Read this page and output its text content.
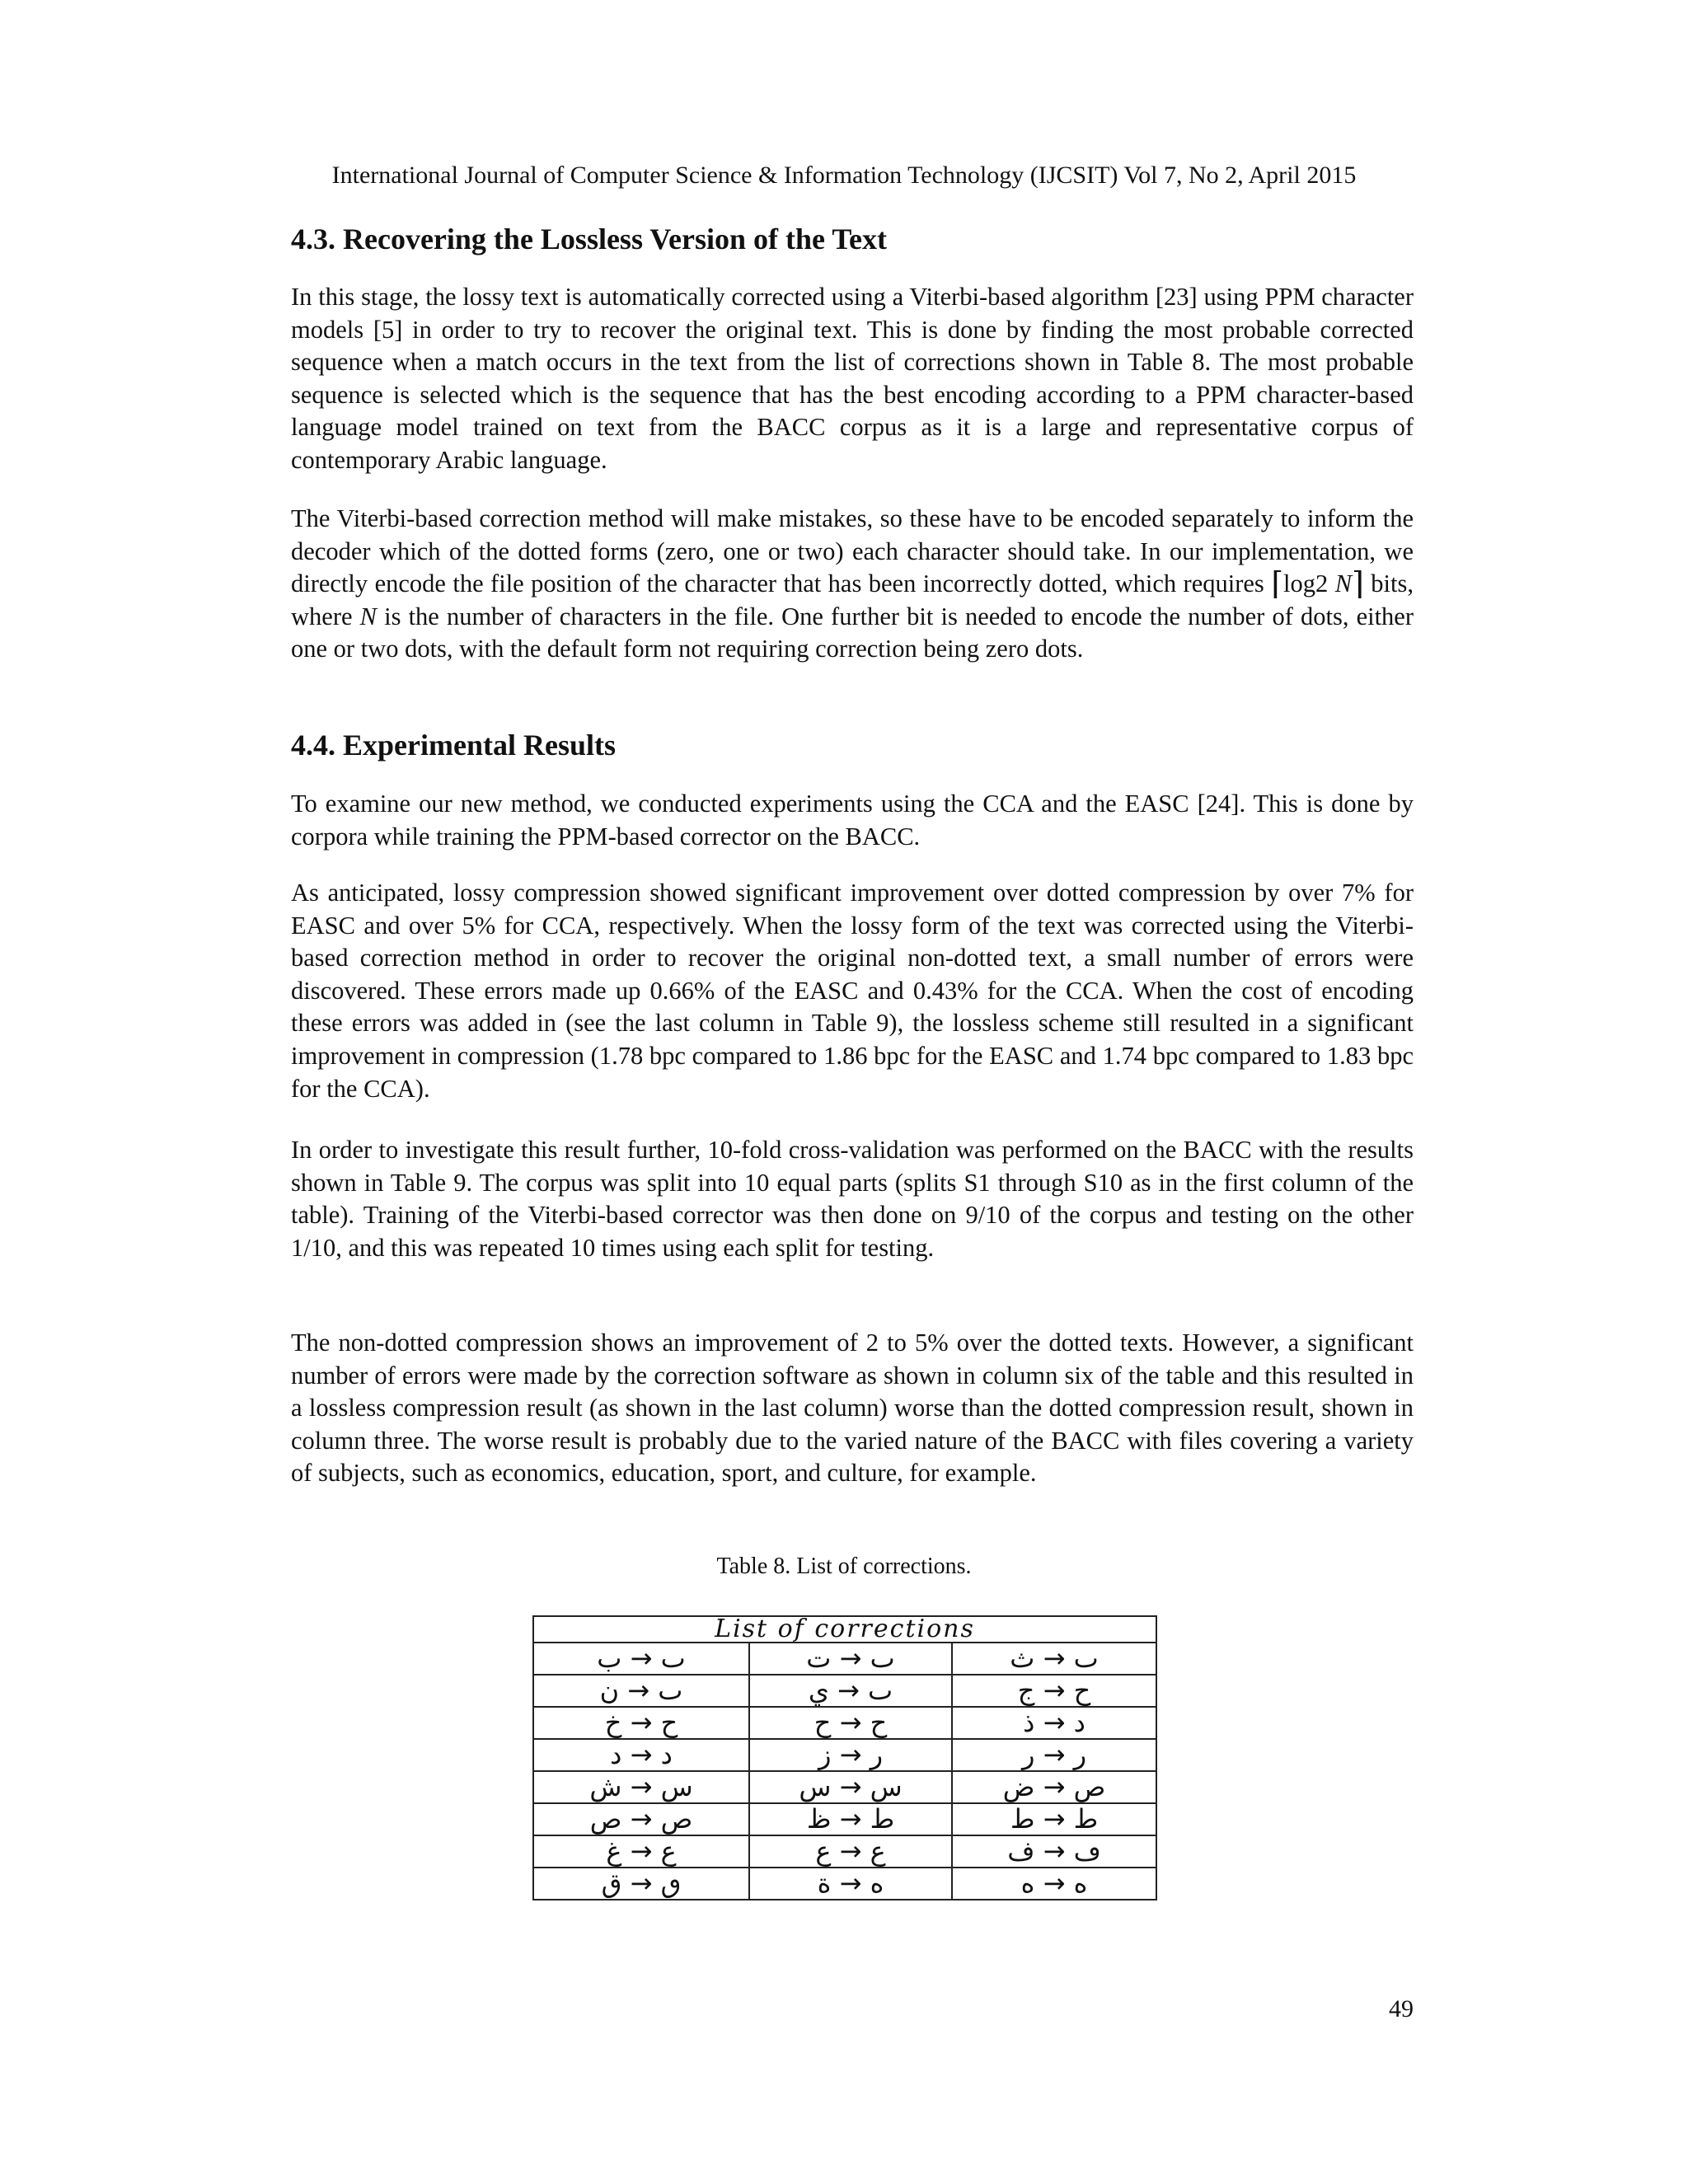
International Journal of Computer Science & Information Technology (IJCSIT) Vol 7, No 2, April 2015
4.3. Recovering the Lossless Version of the Text

In this stage, the lossy text is automatically corrected using a Viterbi-based algorithm [23] using PPM character models [5] in order to try to recover the original text. This is done by finding the most probable corrected sequence when a match occurs in the text from the list of corrections shown in Table 8. The most probable sequence is selected which is the sequence that has the best encoding according to a PPM character-based language model trained on text from the BACC corpus as it is a large and representative corpus of contemporary Arabic language.

The Viterbi-based correction method will make mistakes, so these have to be encoded separately to inform the decoder which of the dotted forms (zero, one or two) each character should take. In our implementation, we directly encode the file position of the character that has been incorrectly dotted, which requires ⌈log2 N⌉ bits, where N is the number of characters in the file. One further bit is needed to encode the number of dots, either one or two dots, with the default form not requiring correction being zero dots.

4.4. Experimental Results

To examine our new method, we conducted experiments using the CCA and the EASC [24]. This is done by corpora while training the PPM-based corrector on the BACC.

As anticipated, lossy compression showed significant improvement over dotted compression by over 7% for EASC and over 5% for CCA, respectively. When the lossy form of the text was corrected using the Viterbi-based correction method in order to recover the original non-dotted text, a small number of errors were discovered. These errors made up 0.66% of the EASC and 0.43% for the CCA. When the cost of encoding these errors was added in (see the last column in Table 9), the lossless scheme still resulted in a significant improvement in compression (1.78 bpc compared to 1.86 bpc for the EASC and 1.74 bpc compared to 1.83 bpc for the CCA).

In order to investigate this result further, 10-fold cross-validation was performed on the BACC with the results shown in Table 9. The corpus was split into 10 equal parts (splits S1 through S10 as in the first column of the table). Training of the Viterbi-based corrector was then done on 9/10 of the corpus and testing on the other 1/10, and this was repeated 10 times using each split for testing.

The non-dotted compression shows an improvement of 2 to 5% over the dotted texts. However, a significant number of errors were made by the correction software as shown in column six of the table and this resulted in a lossless compression result (as shown in the last column) worse than the dotted compression result, shown in column three. The worse result is probably due to the varied nature of the BACC with files covering a variety of subjects, such as economics, education, sport, and culture, for example.

Table 8. List of corrections.
List of corrections		
ٮ → ب	ٮ → ت	ٮ → ث
ٮ → ن	ٮ → ي	ح → ج
ح → خ	ح → ح	د → ذ
د → د	ر → ز	ر → ر
س → ش	س → س	ص → ض
ص → ص	ط → ظ	ط → ط
ع → غ	ع → ع	ڡ → ف
ٯ → ق	ه → ة	ه → ه
49
